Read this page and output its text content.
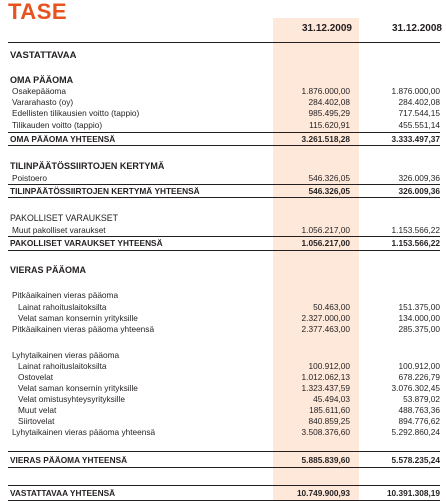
TASE
31.12.2009	31.12.2008
VASTATTAVAA
OMA PÄÄOMA
Osakepääoma	1.876.000,00	1.876.000,00
Vararahasto (oy)	284.402,08	284.402,08
Edellisten tilikausien voitto (tappio)	985.495,29	717.544,15
Tilikauden voitto (tappio)	115.620,91	455.551,14
OMA PÄÄOMA YHTEENSÄ	3.261.518,28	3.333.497,37
TILINPÄÄTÖSSIIRTOJEN KERTYMÄ
Poistoero	546.326,05	326.009,36
TILINPÄÄTÖSSIIRTOJEN KERTYMÄ YHTEENSÄ	546.326,05	326.009,36
PAKOLLISET VARAUKSET
Muut pakolliset varaukset	1.056.217,00	1.153.566,22
PAKOLLISET VARAUKSET YHTEENSÄ	1.056.217,00	1.153.566,22
VIERAS PÄÄOMA
Pitkäaikainen vieras pääoma
Lainat rahoituslaitoksilta	50.463,00	151.375,00
Velat saman konsernin yrityksille	2.327.000,00	134.000,00
Pitkäaikainen vieras pääoma yhteensä	2.377.463,00	285.375,00
Lyhytaikainen vieras pääoma
Lainat rahoituslaitoksilta	100.912,00	100.912,00
Ostovelat	1.012.062,13	678.226,79
Velat saman konsernin yrityksille	1.323.437,59	3.076.302,45
Velat omistusyhteysyrityksille	45.494,03	53.879,02
Muut velat	185.611,60	488.763,36
Siirtovelat	840.859,25	894.776,62
Lyhytaikainen vieras pääoma yhteensä	3.508.376,60	5.292.860,24
VIERAS PÄÄOMA YHTEENSÄ	5.885.839,60	5.578.235,24
VASTATTAVAA YHTEENSÄ	10.749.900,93	10.391.308,19
